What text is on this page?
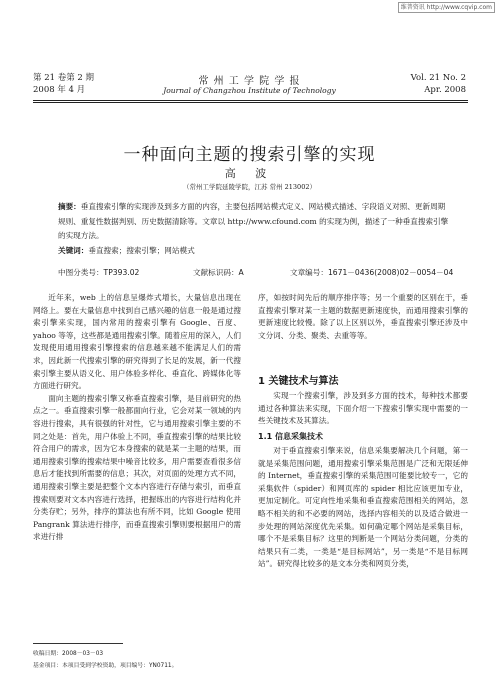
维普资讯 http://www.cqvip.com
第 21 卷第 2 期
2008 年 4 月
常 州 工 学 院 学 报
Journal of Changzhou Institute of Technology
Vol. 21 No. 2
Apr. 2008
一种面向主题的搜索引擎的实现
高 波
（常州工学院延陵学院，江苏 常州 213002）
摘要：垂直搜索引擎的实现涉及到多方面的内容，主要包括网站模式定义、网站模式描述、字段语义对照、更新周期规则、重复性数据判别、历史数据清除等。文章以 http://www.cfound.com 的实现为例，描述了一种垂直搜索引擎的实现方法。
关键词：垂直搜索；搜索引擎；网站模式
中图分类号：TP393.02	文献标识码：A	文章编号：1671－0436(2008)02－0054－04

近年来，web 上的信息呈爆炸式增长，大量信息出现在网络上。要在大量信息中找到自己感兴趣的信息一般是通过搜索引擎来实现，国内常用的搜索引擎有 Google、百度、yahoo 等等，这些都是通用搜索引擎。随着应用的深入，人们发现使用通用搜索引擎搜索的信息越来越不能满足人们的需求，因此新一代搜索引擎的研究得到了长足的发展，新一代搜索引擎主要从语义化、用户体验多样化、垂直化、跨媒体化等方面进行研究。

面向主题的搜索引擎又称垂直搜索引擎，是目前研究的热点之一。垂直搜索引擎一般都面向行业，它会对某一领域的内容进行搜索，具有很强的针对性，它与通用搜索引擎主要的不同之处是：首先，用户体验上不同，垂直搜索引擎的结果比较符合用户的需求，因为它本身搜索的就是某一主题的结果，而通用搜索引擎的搜索结果中噪音比较多，用户需要查看很多信息后才能找到所需要的信息；其次，对页面的处理方式不同，通用搜索引擎主要是把整个文本内容进行存储与索引，而垂直搜索则要对文本内容进行选择，把握练出的内容进行结构化并分类存贮；另外，排序的算法也有所不同，比如 Google 使用 Pangrank 算法进行排序，而垂直搜索引擎则要根据用户的需求进行排

序，如按时间先后的顺序排序等；另一个重要的区别在于，垂直搜索引擎对某一主题的数据更新速度快，而通用搜索引擎的更新速度比较慢。除了以上区别以外，垂直搜索引擎还涉及中文分词、分类、聚类、去重等等。

1 关键技术与算法

实现一个搜索引擎，涉及到多方面的技术，每种技术都要通过各种算法来实现，下面介绍一下搜索引擎实现中需要的一些关键技术及其算法。

1.1 信息采集技术

对于垂直搜索引擎来说，信息采集要解决几个问题，第一就是采集范围问题，通用搜索引擎采集范围是广泛和无限延伸的 Internet，垂直搜索引擎的采集范围可能要比较专一，它的采集软件（spider）和网页库的 spider 相比应该更加专业，更加定制化。可定向性地采集和垂直搜索范围相关的网站，忽略不相关的和不必要的网站，选择内容相关的以及适合做进一步处理的网站深度优先采集。如何确定哪个网站是采集目标，哪个不是采集目标？这里的判断是一个网站分类问题，分类的结果只有二类，一类是“是目标网站”，另一类是“不是目标网站”。研究得比较多的是文本分类和网页分类，

收稿日期：2008－03－03
基金项目：本项目受到学校资助，项目编号：YN0711。
